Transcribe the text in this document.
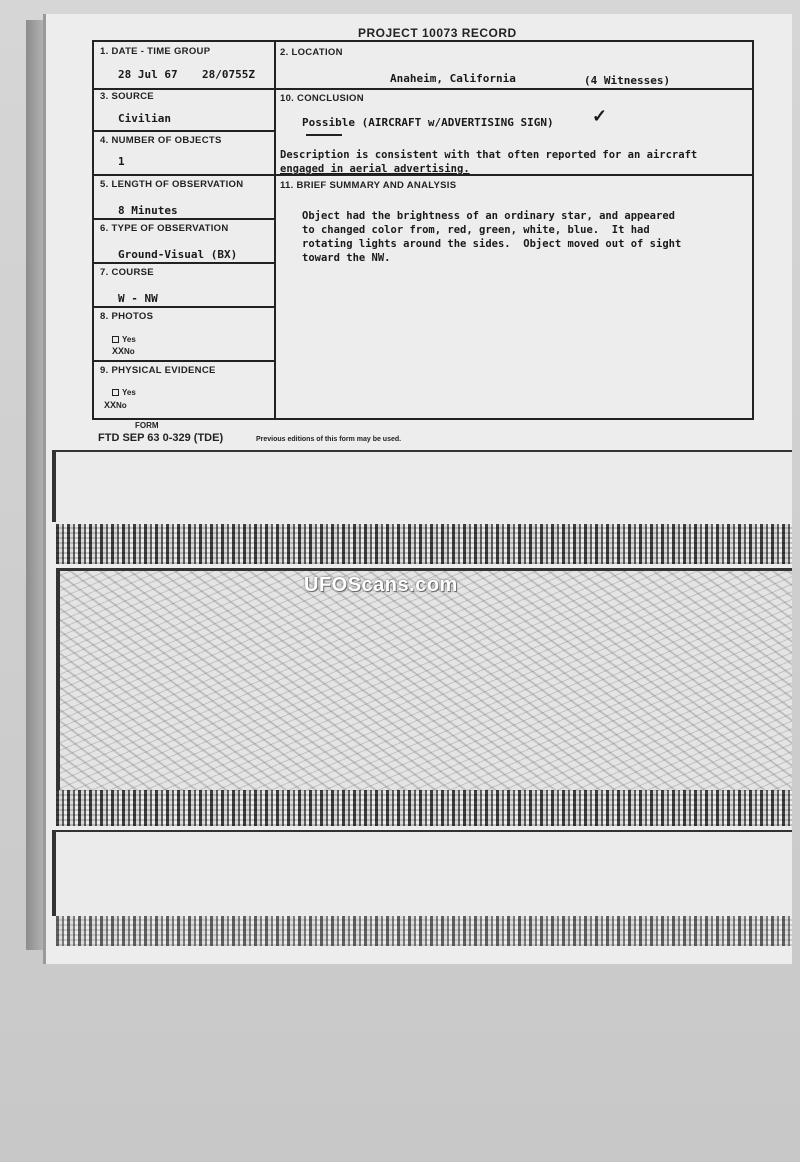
PROJECT 10073 RECORD
1. DATE - TIME GROUP
28 Jul 67 28/0755Z
2. LOCATION
Anaheim, California	(4 Witnesses)
3. SOURCE
Civilian
10. CONCLUSION
Possible (AIRCRAFT w/ADVERTISING SIGN) ✓
Description is consistent with that often reported for an aircraft
engaged in aerial advertising.
4. NUMBER OF OBJECTS
1
5. LENGTH OF OBSERVATION
8 Minutes
11. BRIEF SUMMARY AND ANALYSIS
Object had the brightness of an ordinary star, and appeared
to changed color from, red, green, white, blue.  It had
rotating lights around the sides.  Object moved out of sight
toward the NW.
6. TYPE OF OBSERVATION
Ground-Visual (BX)
7. COURSE
W - NW
8. PHOTOS
Yes
XXNo
9. PHYSICAL EVIDENCE
Yes
XXNo
FORM
FTD SEP 63 0-329 (TDE)	Previous editions of this form may be used.
UFOScans.com
